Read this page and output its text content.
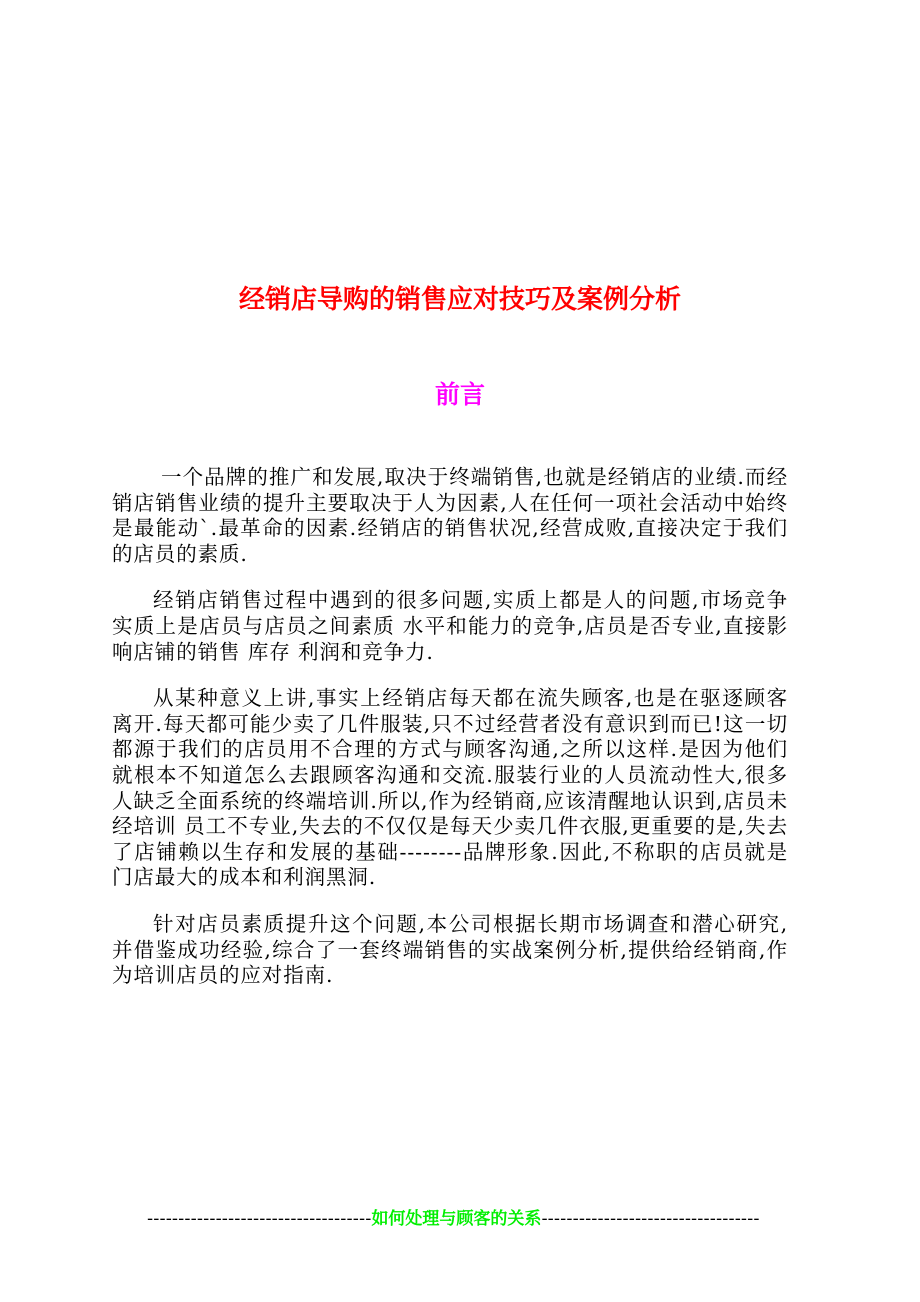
经销店导购的销售应对技巧及案例分析
前言

一个品牌的推广和发展,取决于终端销售,也就是经销店的业绩.而经销店销售业绩的提升主要取决于人为因素,人在任何一项社会活动中始终是最能动`.最革命的因素.经销店的销售状况,经营成败,直接决定于我们的店员的素质.

经销店销售过程中遇到的很多问题,实质上都是人的问题,市场竞争实质上是店员与店员之间素质 水平和能力的竞争,店员是否专业,直接影响店铺的销售 库存 利润和竞争力.

从某种意义上讲,事实上经销店每天都在流失顾客,也是在驱逐顾客离开.每天都可能少卖了几件服装,只不过经营者没有意识到而已!这一切都源于我们的店员用不合理的方式与顾客沟通,之所以这样.是因为他们就根本不知道怎么去跟顾客沟通和交流.服装行业的人员流动性大,很多人缺乏全面系统的终端培训.所以,作为经销商,应该清醒地认识到,店员未经培训 员工不专业,失去的不仅仅是每天少卖几件衣服,更重要的是,失去了店铺赖以生存和发展的基础--------品牌形象.因此,不称职的店员就是门店最大的成本和利润黑洞.

针对店员素质提升这个问题,本公司根据长期市场调查和潜心研究,并借鉴成功经验,综合了一套终端销售的实战案例分析,提供给经销商,作为培训店员的应对指南.

------------------------------------如何处理与顾客的关系-----------------------------------
